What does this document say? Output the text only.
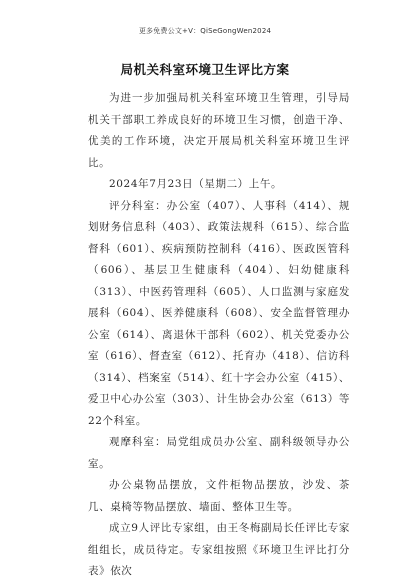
更多免费公文+V：QiSeGongWen2024
局机关科室环境卫生评比方案

为进一步加强局机关科室环境卫生管理，引导局机关干部职工养成良好的环境卫生习惯，创造干净、优美的工作环境，决定开展局机关科室环境卫生评比。

2024年7月23日（星期二）上午。

评分科室：办公室（407）、人事科（414）、规划财务信息科（403）、政策法规科（615）、综合监督科（601）、疾病预防控制科（416）、医政医管科（606）、基层卫生健康科（404）、妇幼健康科（313）、中医药管理科（605）、人口监测与家庭发展科（604）、医养健康科（608）、安全监督管理办公室（614）、离退休干部科（602）、机关党委办公室（616）、督查室（612）、托育办（418）、信访科（314）、档案室（514）、红十字会办公室（415）、爱卫中心办公室（303）、计生协会办公室（613）等22个科室。

观摩科室：局党组成员办公室、副科级领导办公室。

办公桌物品摆放，文件柜物品摆放，沙发、茶几、桌椅等物品摆放、墙面、整体卫生等。

成立9人评比专家组，由王冬梅副局长任评比专家组组长，成员待定。专家组按照《环境卫生评比打分表》依次
